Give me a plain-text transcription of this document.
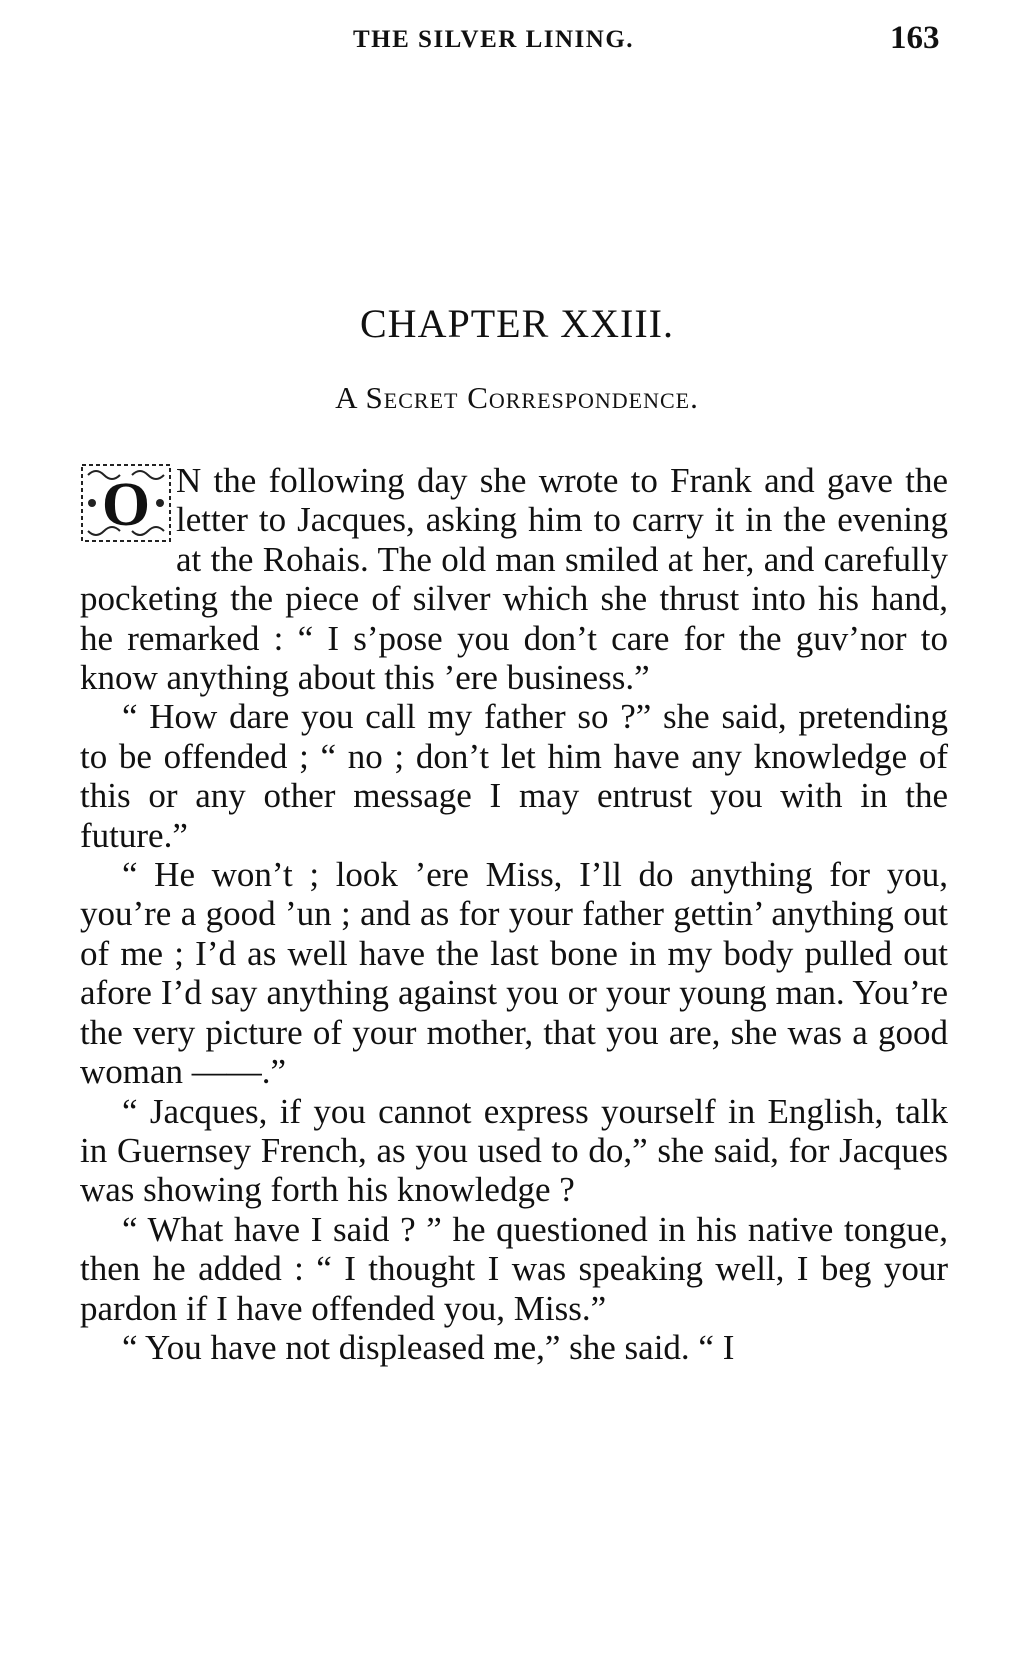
THE SILVER LINING.	163
CHAPTER XXIII.
A Secret Correspondence.

O N the following day she wrote to Frank and gave the letter to Jacques, asking him to carry it in the evening at the Rohais. The old man smiled at her, and carefully pocketing the piece of silver which she thrust into his hand, he remarked : “ I s’pose you don’t care for the guv’nor to know anything about this ’ere business.”

“ How dare you call my father so ?” she said, pretending to be offended ; “ no ; don’t let him have any knowledge of this or any other message I may entrust you with in the future.”

“ He won’t ; look ’ere Miss, I’ll do anything for you, you’re a good ’un ; and as for your father gettin’ anything out of me ; I’d as well have the last bone in my body pulled out afore I’d say anything against you or your young man. You’re the very picture of your mother, that you are, she was a good woman ——.”

“ Jacques, if you cannot express yourself in English, talk in Guernsey French, as you used to do,” she said, for Jacques was showing forth his knowledge ?

“ What have I said ? ” he questioned in his native tongue, then he added : “ I thought I was speaking well, I beg your pardon if I have offended you, Miss.”

“ You have not displeased me,” she said. “ I
